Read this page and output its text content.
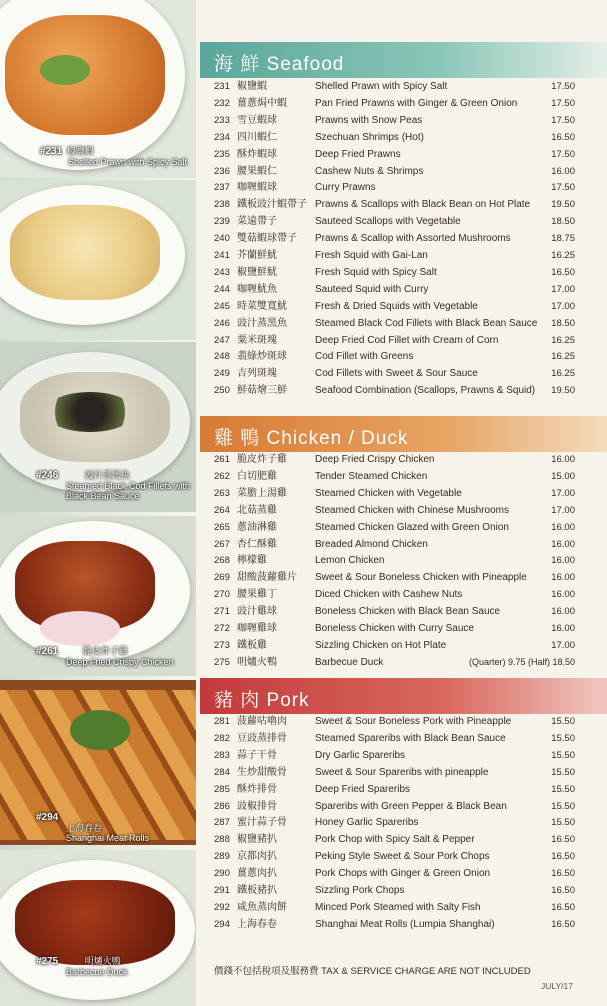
#231 椒鹽蝦
Shelled Prawn with Spicy Salt

#246	豉汁蒸黑魚
Steamed Black Cod Fillets with Black Bean Sauce
#261	脆皮炸子雞
Deep Fried Crispy Chicken
#294
上海春卷
Shanghai Meat Rolls
#275	明爐火鴨
Barbecue Duck
海 鮮 Seafood
231 椒鹽蝦	Shelled Prawn with Spicy Salt	17.50
232 薑蔥焗中蝦	Pan Fried Prawns with Ginger & Green Onion	17.50
233 雪豆蝦球	Prawns with Snow Peas	17.50
234 四川蝦仁	Szechuan Shrimps (Hot)	16.50
235 酥炸蝦球	Deep Fried Prawns	17.50
236 腰果蝦仁	Cashew Nuts & Shrimps	16.00
237 咖喱蝦球	Curry Prawns	17.50
238 鐵板豉汁蝦帶子 Prawns & Scallops with Black Bean on Hot Plate	19.50
239 菜遠帶子	Sauteed Scallops with Vegetable	18.50
240 雙菇蝦球帶子	Prawns & Scallop with Assorted Mushrooms	18.75
241 芥蘭鮮魷	Fresh Squid with Gai-Lan	16.25
243 椒鹽鮮魷	Fresh Squid with Spicy Salt	16.50
244 咖喱魷魚	Sauteed Squid with Curry	17.00
245 時菜雙寬魷	Fresh & Dried Squids with Vegetable	17.00
246 豉汁蒸黑魚	Steamed Black Cod Fillets with Black Bean Sauce	18.50
247 粟米斑塊	Deep Fried Cod Fillet with Cream of Corn	16.25
248 翡綠炒斑球	Cod Fillet with Greens	16.25
249 吉列斑塊	Cod Fillets with Sweet & Sour Sauce	16.25
250 鮮菇燴三鮮	Seafood Combination (Scallops, Prawns & Squid)	19.50
雞 鴨 Chicken / Duck
261 脆皮炸子雞	Deep Fried Crispy Chicken	16.00
262 白切肥雞	Tender Steamed Chicken	15.00
263 菜膽上湯雞	Steamed Chicken with Vegetable	17.00
264 北菇蒸雞	Steamed Chicken with Chinese Mushrooms	17.00
265 蔥油淋雞	Steamed Chicken Glazed with Green Onion	16.00
267 杏仁酥雞	Breaded Almond Chicken	16.00
268 檸檬雞	Lemon Chicken	16.00
269 甜酸菠蘿雞片	Sweet & Sour Boneless Chicken with Pineapple	16.00
270 腰果雞丁	Diced Chicken with Cashew Nuts	16.00
271 豉汁雞球	Boneless Chicken with Black Bean Sauce	16.00
272 咖喱雞球	Boneless Chicken with Curry Sauce	16.00
273 鐵板雞	Sizzling Chicken on Hot Plate	17.00
275 明爐火鴨	Barbecue Duck	(Quarter) 9.75 (Half) 18.50
豬 肉 Pork
281 菠蘿咕嚕肉	Sweet & Sour Boneless Pork with Pineapple	15.50
282 豆豉蒸排骨	Steamed Spareribs with Black Bean Sauce	15.50
283 蒜子干骨	Dry Garlic Spareribs	15.50
284 生炒甜酸骨	Sweet & Sour Spareribs with pineapple	15.50
285 酥炸排骨	Deep Fried Spareribs	15.50
286 豉椒排骨	Spareribs with Green Pepper & Black Bean	15.50
287 蜜汁蒜子骨	Honey Garlic Spareribs	15.50
288 椒鹽豬扒	Pork Chop with Spicy Salt & Pepper	16.50
289 京都肉扒	Peking Style Sweet & Sour Pork Chops	16.50
290 薑蔥肉扒	Pork Chops with Ginger & Green Onion	16.50
291 鐵板豬扒	Sizzling Pork Chops	16.50
292 咸魚蒸肉餅	Minced Pork Steamed with Salty Fish	16.50
294 上海春卷	Shanghai Meat Rolls (Lumpia Shanghai)	16.50
價錢不包括稅項及服務費 TAX & SERVICE CHARGE ARE NOT INCLUDED
JULY/17
